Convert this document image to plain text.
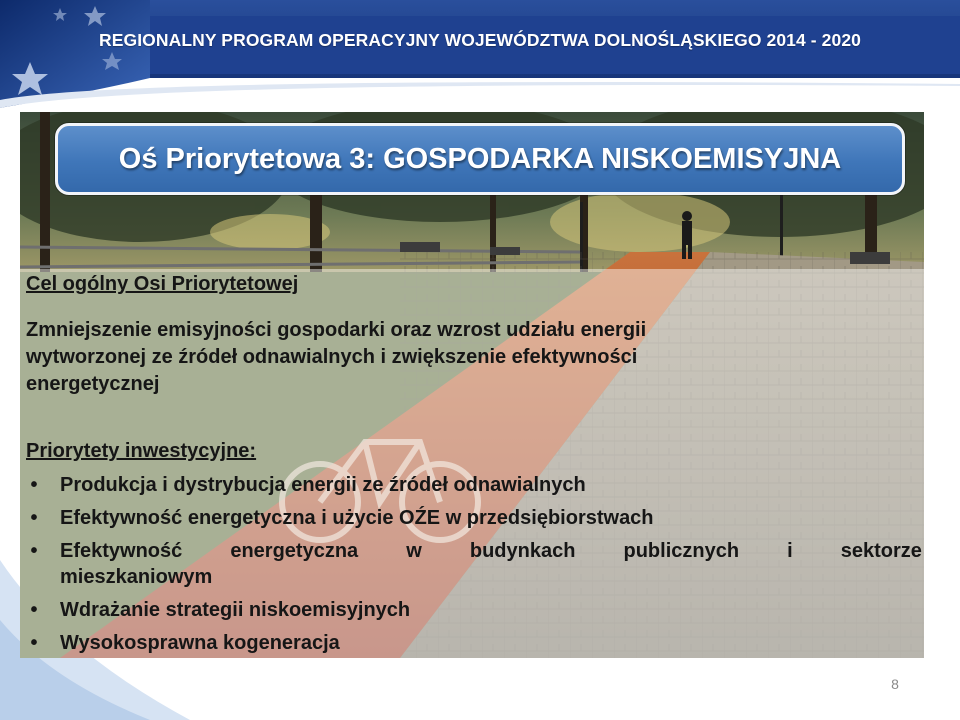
REGIONALNY PROGRAM OPERACYJNY WOJEWÓDZTWA DOLNOŚLĄSKIEGO 2014 - 2020
Oś Priorytetowa 3: GOSPODARKA NISKOEMISYJNA
Cel ogólny Osi Priorytetowej
Zmniejszenie emisyjności gospodarki oraz wzrost udziału energii
wytworzonej ze źródeł odnawialnych i zwiększenie efektywności
energetycznej
Priorytety inwestycyjne:
• Produkcja i dystrybucja energii ze źródeł odnawialnych
• Efektywność energetyczna i użycie OŹE w przedsiębiorstwach
• Efektywność energetyczna w budynkach publicznych i sektorze
mieszkaniowym
• Wdrażanie strategii niskoemisyjnych
• Wysokosprawna kogeneracja
8
